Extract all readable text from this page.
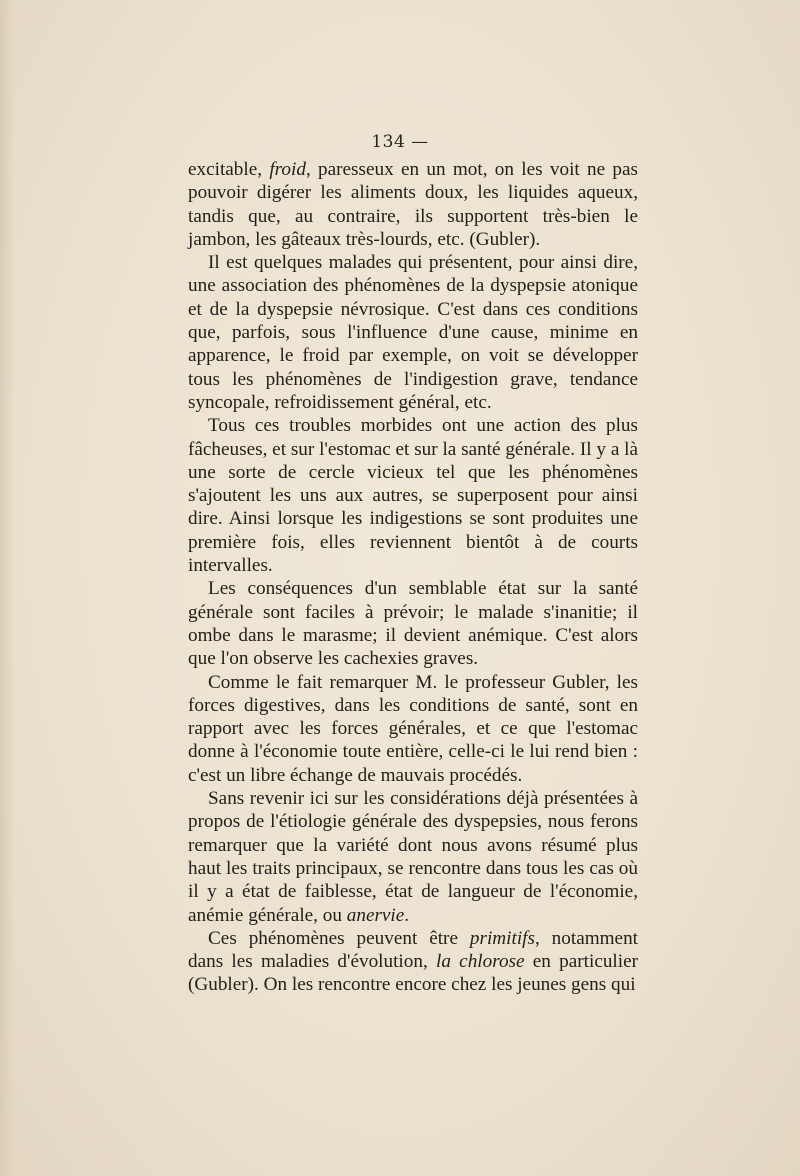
134 —

excitable, froid, paresseux en un mot, on les voit ne pas pouvoir digérer les aliments doux, les liquides aqueux, tandis que, au contraire, ils supportent très-bien le jambon, les gâteaux très-lourds, etc. (Gubler).

Il est quelques malades qui présentent, pour ainsi dire, une association des phénomènes de la dyspepsie atonique et de la dyspepsie névrosique. C'est dans ces conditions que, parfois, sous l'influence d'une cause, minime en apparence, le froid par exemple, on voit se développer tous les phénomènes de l'indigestion grave, tendance syncopale, refroidissement général, etc.

Tous ces troubles morbides ont une action des plus fâcheuses, et sur l'estomac et sur la santé générale. Il y a là une sorte de cercle vicieux tel que les phénomènes s'ajoutent les uns aux autres, se superposent pour ainsi dire. Ainsi lorsque les indigestions se sont produites une première fois, elles reviennent bientôt à de courts intervalles.

Les conséquences d'un semblable état sur la santé générale sont faciles à prévoir; le malade s'inanitie; il ombe dans le marasme; il devient anémique. C'est alors que l'on observe les cachexies graves.

Comme le fait remarquer M. le professeur Gubler, les forces digestives, dans les conditions de santé, sont en rapport avec les forces générales, et ce que l'estomac donne à l'économie toute entière, celle-ci le lui rend bien : c'est un libre échange de mauvais procédés.

Sans revenir ici sur les considérations déjà présentées à propos de l'étiologie générale des dyspepsies, nous ferons remarquer que la variété dont nous avons résumé plus haut les traits principaux, se rencontre dans tous les cas où il y a état de faiblesse, état de langueur de l'économie, anémie générale, ou anervie.

Ces phénomènes peuvent être primitifs, notamment dans les maladies d'évolution, la chlorose en particulier (Gubler). On les rencontre encore chez les jeunes gens qui
